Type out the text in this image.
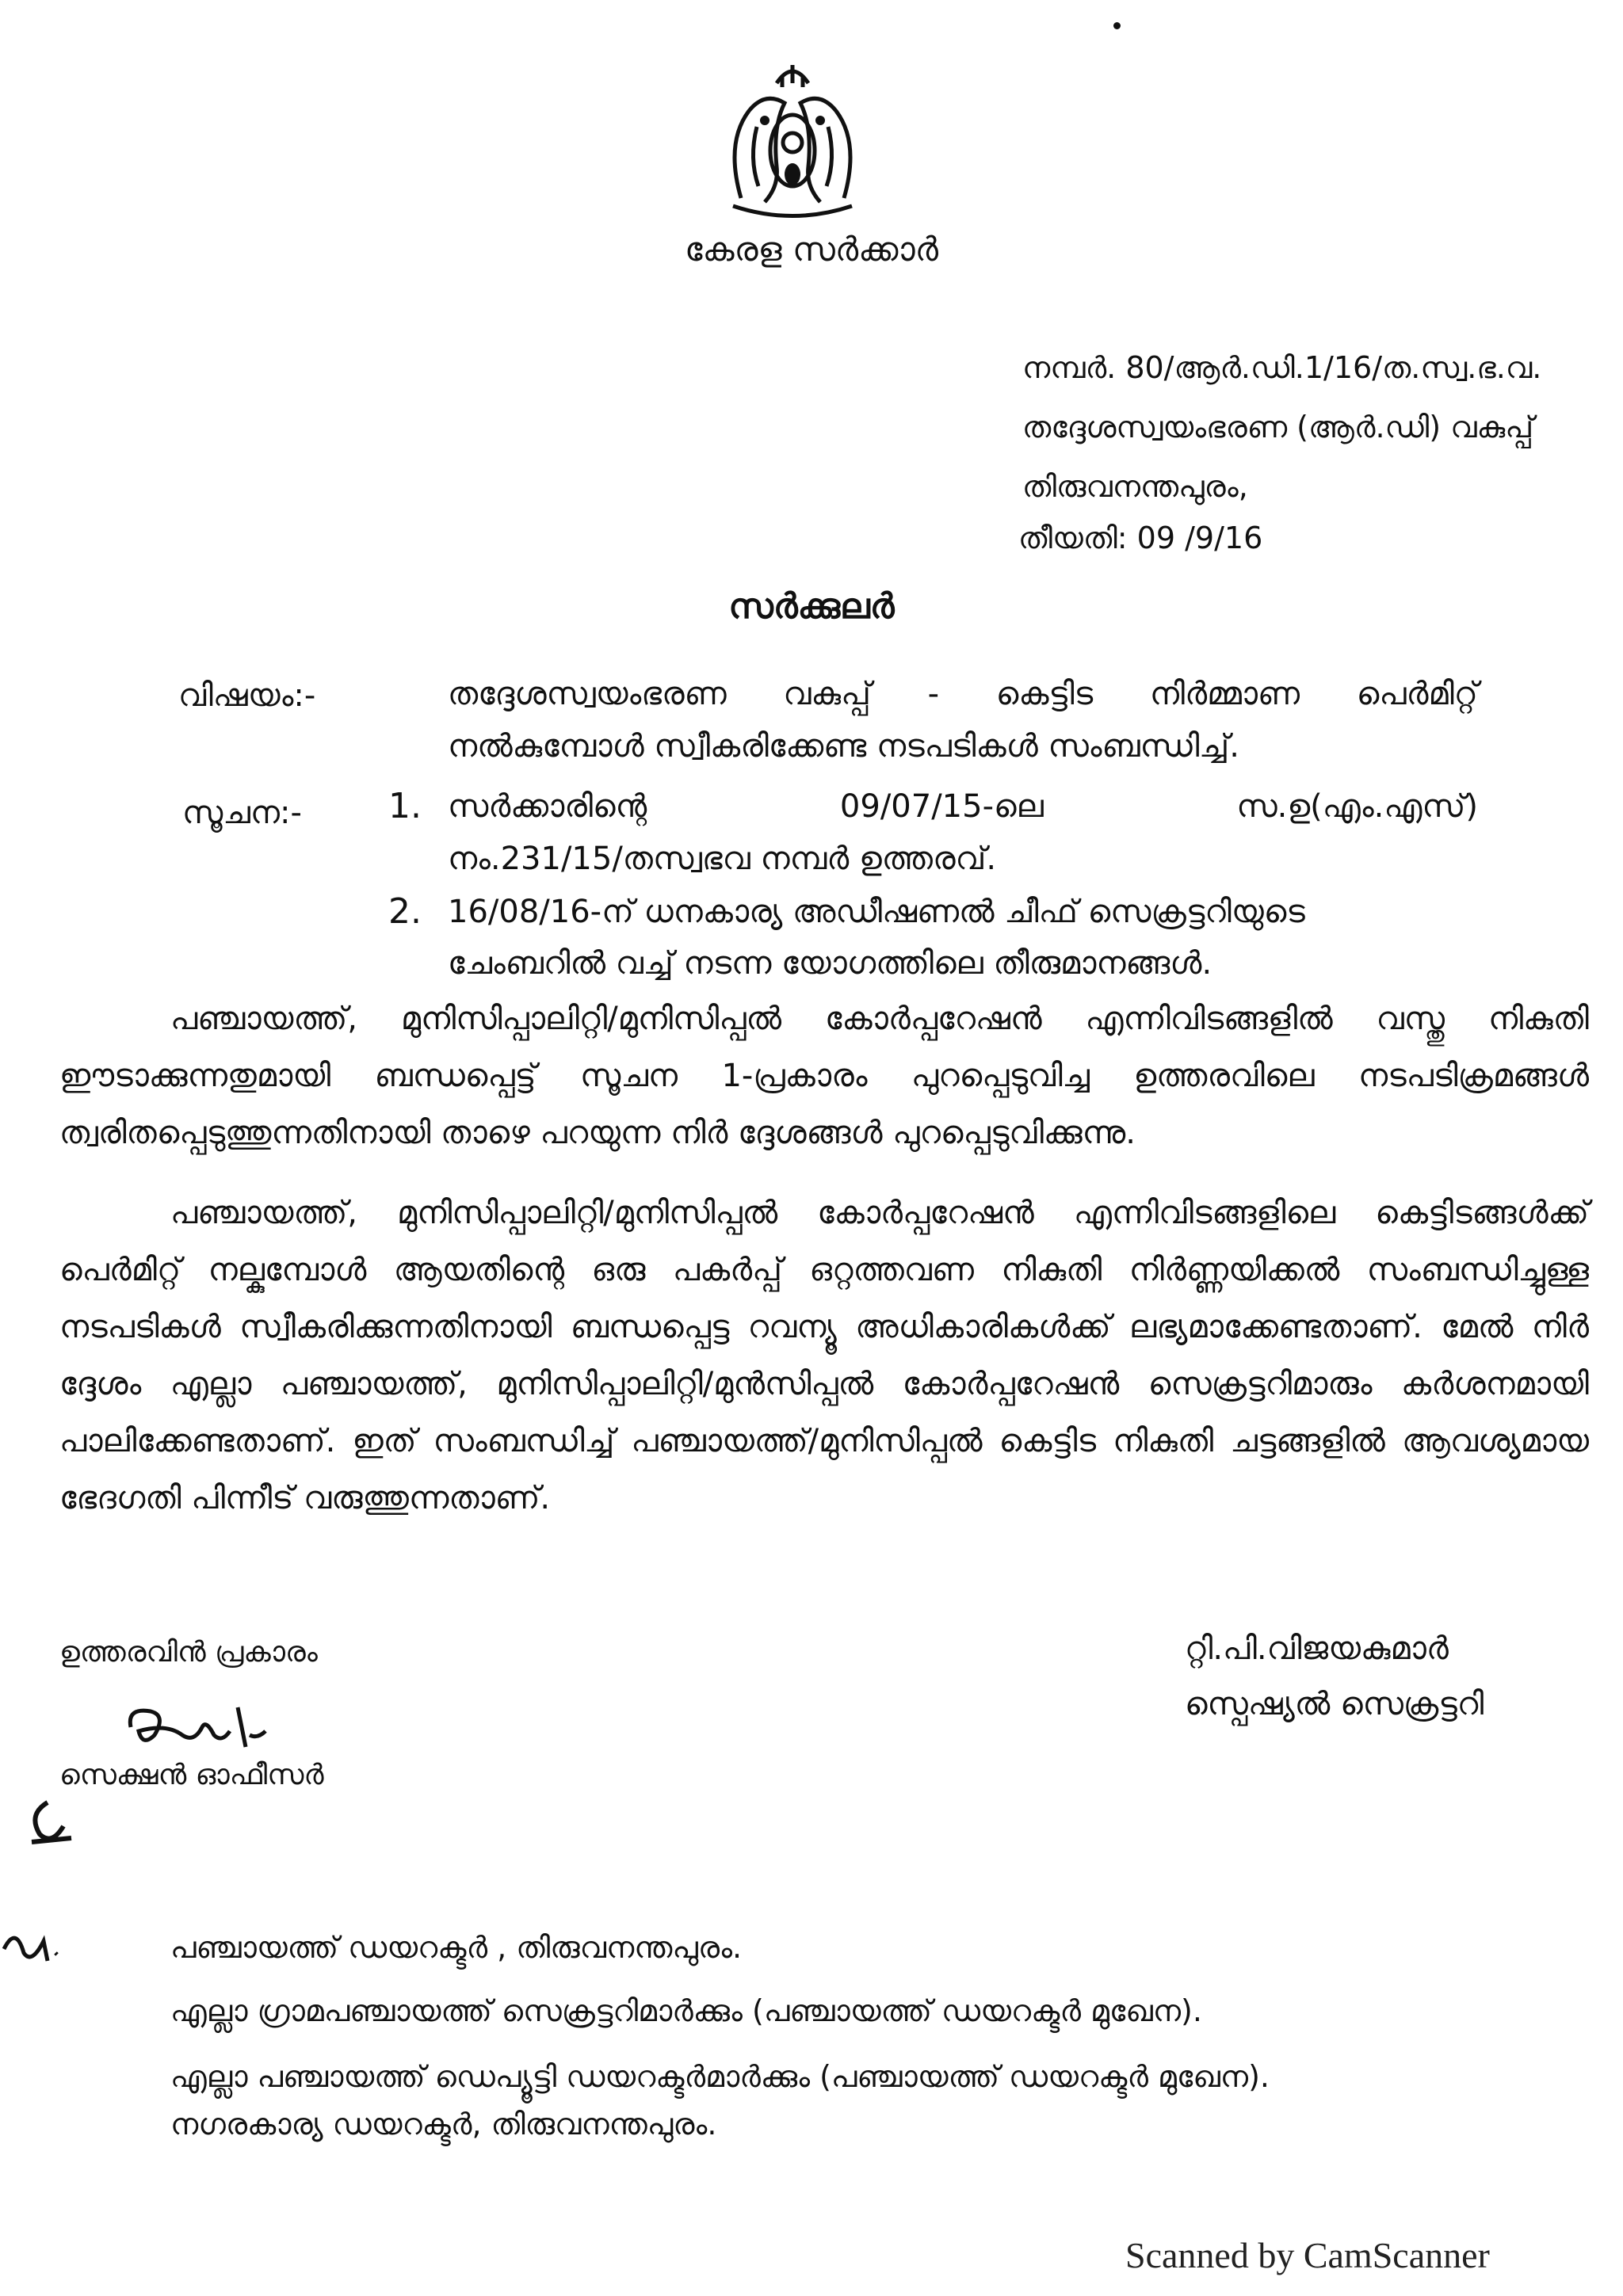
കേരള സർക്കാർ
നമ്പർ. 80/ആർ.ഡി.1/16/ത.സ്വ.ഭ.വ.
തദ്ദേശസ്വയംഭരണ (ആർ.ഡി) വകുപ്പ്
തിരുവനന്തപുരം,
തീയതി: 09 /9/16
സർക്കുലർ
വിഷയം:-	തദ്ദേശസ്വയംഭരണ വകുപ്പ് - കെട്ടിട നിർമ്മാണ പെർമിറ്റ്
നൽകുമ്പോൾ സ്വീകരിക്കേണ്ട നടപടികൾ സംബന്ധിച്ച്.
സൂചന:- 1. സർക്കാരിന്റെ 09/07/15-ലെ സ.ഉ(എം.എസ്)
നം.231/15/തസ്വഭവ നമ്പർ ഉത്തരവ്.
2. 16/08/16-ന് ധനകാര്യ അഡീഷണൽ ചീഫ് സെക്രട്ടറിയുടെ
ചേംബറിൽ വച്ച് നടന്ന യോഗത്തിലെ തീരുമാനങ്ങൾ.
പഞ്ചായത്ത്, മുനിസിപ്പാലിറ്റി/മുനിസിപ്പൽ കോർപ്പറേഷൻ എന്നിവിടങ്ങളിൽ വസ്തു നികുതി ഈടാക്കുന്നതുമായി ബന്ധപ്പെട്ട് സൂചന 1-പ്രകാരം പുറപ്പെടുവിച്ച ഉത്തരവിലെ നടപടിക്രമങ്ങൾ ത്വരിതപ്പെടുത്തുന്നതിനായി താഴെ പറയുന്ന നിർ ദ്ദേശങ്ങൾ പുറപ്പെടുവിക്കുന്നു.
പഞ്ചായത്ത്, മുനിസിപ്പാലിറ്റി/മുനിസിപ്പൽ കോർപ്പറേഷൻ എന്നിവിടങ്ങളിലെ കെട്ടിടങ്ങൾക്ക് പെർമിറ്റ് നല്കുമ്പോൾ ആയതിന്റെ ഒരു പകർപ്പ് ഒറ്റത്തവണ നികുതി നിർണ്ണയിക്കൽ സംബന്ധിച്ചുള്ള നടപടികൾ സ്വീകരിക്കുന്നതിനായി ബന്ധപ്പെട്ട റവന്യൂ അധികാരികൾക്ക് ലഭ്യമാക്കേണ്ടതാണ്. മേൽ നിർ ദ്ദേശം എല്ലാ പഞ്ചായത്ത്, മുനിസിപ്പാലിറ്റി/മുൻസിപ്പൽ കോർപ്പറേഷൻ സെക്രട്ടറിമാരും കർശനമായി പാലിക്കേണ്ടതാണ്. ഇത് സംബന്ധിച്ച് പഞ്ചായത്ത്/മുനിസിപ്പൽ കെട്ടിട നികുതി ചട്ടങ്ങളിൽ ആവശ്യമായ ഭേദഗതി പിന്നീട് വരുത്തുന്നതാണ്.
ഉത്തരവിൻ പ്രകാരം
സെക്ഷൻ ഓഫീസർ
റ്റി.പി.വിജയകുമാർ
സ്പെഷ്യൽ സെക്രട്ടറി
പഞ്ചായത്ത് ഡയറക്ടർ , തിരുവനന്തപുരം.
എല്ലാ ഗ്രാമപഞ്ചായത്ത് സെക്രട്ടറിമാർക്കും (പഞ്ചായത്ത് ഡയറക്ടർ മുഖേന).
എല്ലാ പഞ്ചായത്ത് ഡെപ്യൂട്ടി ഡയറക്ടർമാർക്കും (പഞ്ചായത്ത് ഡയറക്ടർ മുഖേന).
നഗരകാര്യ ഡയറക്ടർ, തിരുവനന്തപുരം.
Scanned by CamScanner
